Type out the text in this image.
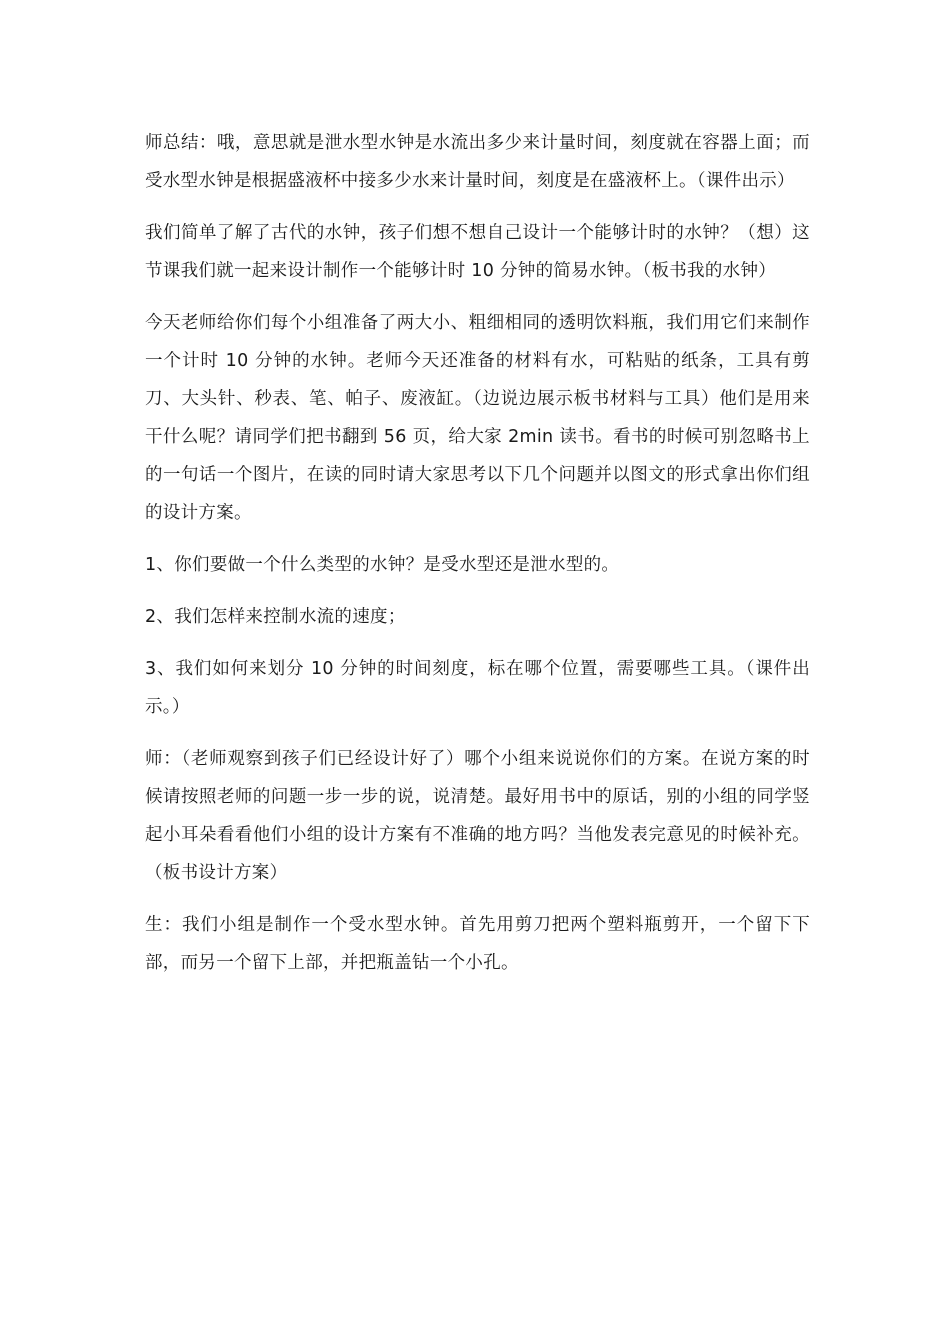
师总结：哦，意思就是泄水型水钟是水流出多少来计量时间，刻度就在容器上面；而受水型水钟是根据盛液杯中接多少水来计量时间，刻度是在盛液杯上。（课件出示）

我们简单了解了古代的水钟，孩子们想不想自己设计一个能够计时的水钟？（想）这节课我们就一起来设计制作一个能够计时 10 分钟的简易水钟。（板书我的水钟）

今天老师给你们每个小组准备了两大小、粗细相同的透明饮料瓶，我们用它们来制作一个计时 10 分钟的水钟。老师今天还准备的材料有水，可粘贴的纸条，工具有剪刀、大头针、秒表、笔、帕子、废液缸。（边说边展示板书材料与工具）他们是用来干什么呢？请同学们把书翻到 56 页，给大家 2min 读书。看书的时候可别忽略书上的一句话一个图片，在读的同时请大家思考以下几个问题并以图文的形式拿出你们组的设计方案。

1、你们要做一个什么类型的水钟？是受水型还是泄水型的。

2、我们怎样来控制水流的速度；

3、我们如何来划分 10 分钟的时间刻度，标在哪个位置，需要哪些工具。（课件出示。）

师：（老师观察到孩子们已经设计好了）哪个小组来说说你们的方案。在说方案的时候请按照老师的问题一步一步的说，说清楚。最好用书中的原话，别的小组的同学竖起小耳朵看看他们小组的设计方案有不准确的地方吗？当他发表完意见的时候补充。（板书设计方案）

生：我们小组是制作一个受水型水钟。首先用剪刀把两个塑料瓶剪开，一个留下下部，而另一个留下上部，并把瓶盖钻一个小孔。
